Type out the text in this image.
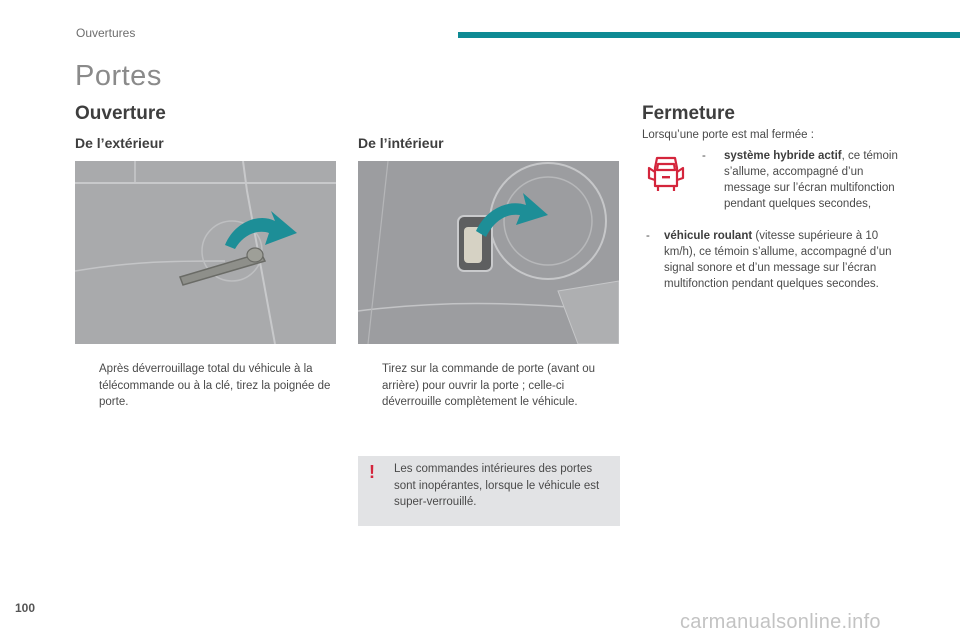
Ouvertures
Portes
Ouverture
De l’extérieur	De l’intérieur
Après déverrouillage total du véhicule à la télécommande ou à la clé, tirez la poignée de porte.
Tirez sur la commande de porte (avant ou arrière) pour ouvrir la porte ; celle-ci déverrouille complètement le véhicule.
! Les commandes intérieures des portes sont inopérantes, lorsque le véhicule est super-verrouillé.
Fermeture
Lorsqu’une porte est mal fermée :
- système hybride actif, ce témoin s’allume, accompagné d’un message sur l’écran multifonction pendant quelques secondes,
- véhicule roulant (vitesse supérieure à 10 km/h), ce témoin s’allume, accompagné d’un signal sonore et d’un message sur l’écran multifonction pendant quelques secondes.
100
carmanualsonline.info
